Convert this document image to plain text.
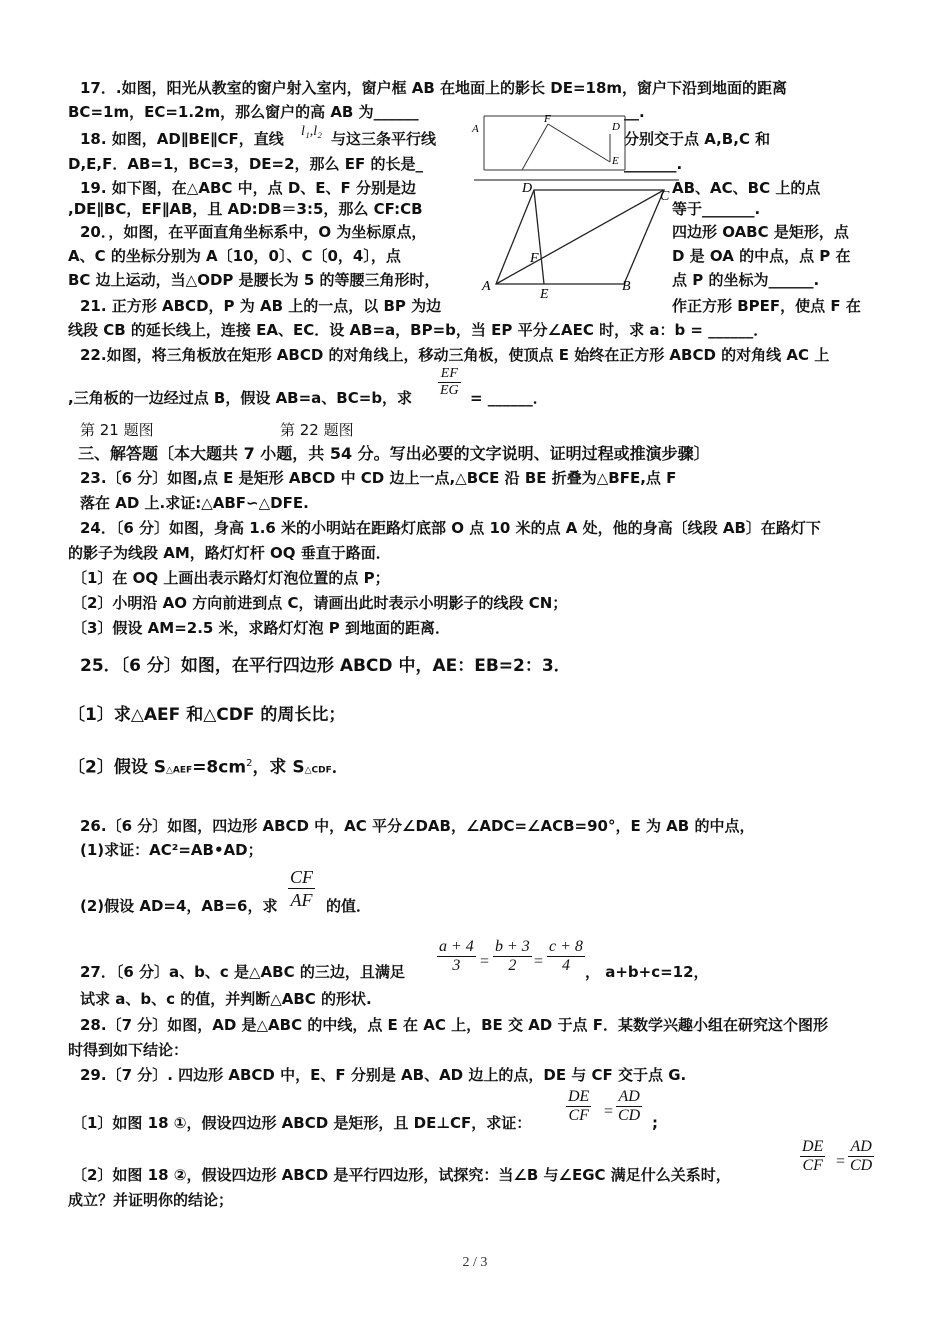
17．.如图，阳光从教室的窗户射入室内，窗户框 AB 在地面上的影长 DE=18m，窗户下沿到地面的距离
BC=1m，EC=1.2m，那么窗户的高 AB 为______	__.
18. 如图，AD∥BE∥CF，直线 l₁,l₂ 与这三条平行线	分别交于点 A,B,C 和
D,E,F．AB=1，BC=3，DE=2，那么 EF 的长是_	_______.
A
F
D
E
19. 如下图，在△ABC 中，点 D、E、F 分别是边	AB、AC、BC 上的点
,DE∥BC，EF∥AB，且 AD:DB＝3:5，那么 CF:CB	等于_______.
D
C
F
A
E
B
20．，如图，在平面直角坐标系中，O 为坐标原点，	四边形 OABC 是矩形，点
A、C 的坐标分别为 A〔10，0〕、C〔0，4〕，点	D 是 OA 的中点，点 P 在
BC 边上运动，当△ODP 是腰长为 5 的等腰三角形时，	点 P 的坐标为______.
21. 正方形 ABCD，P 为 AB 上的一点，以 BP 为边	作正方形 BPEF，使点 F 在
线段 CB 的延长线上，连接 EA、EC．设 AB=a，BP=b，当 EP 平分∠AEC 时，求 a：b = ______．
22.如图，将三角板放在矩形 ABCD 的对角线上，移动三角板，使顶点 E 始终在正方形 ABCD 的对角线 AC 上
,三角板的一边经过点 B，假设 AB=a、BC=b，求 $\frac{EF}{EG}$ = ______．
第 21 题图	第 22 题图
三、解答题〔本大题共 7 小题，共 54 分。写出必要的文字说明、证明过程或推演步骤〕
23.〔6 分〕如图,点 E 是矩形 ABCD 中 CD 边上一点,△BCE 沿 BE 折叠为△BFE,点 F
落在 AD 上.求证:△ABF∽△DFE.
24．〔6 分〕如图，身高 1.6 米的小明站在距路灯底部 O 点 10 米的点 A 处，他的身高〔线段 AB〕在路灯下
的影子为线段 AM，路灯灯杆 OQ 垂直于路面．
〔1〕在 OQ 上画出表示路灯灯泡位置的点 P；
〔2〕小明沿 AO 方向前进到点 C，请画出此时表示小明影子的线段 CN；
〔3〕假设 AM=2.5 米，求路灯灯泡 P 到地面的距离．
25．〔6 分〕如图，在平行四边形 ABCD 中，AE：EB=2：3．
〔1〕求△AEF 和△CDF 的周长比；
〔2〕假设 $S\triangle AEF=8cm^2$，求 S△CDF．
26.〔6 分〕如图，四边形 ABCD 中，AC 平分∠DAB，∠ADC=∠ACB=90°，E 为 AB 的中点，
(1)求证：AC²=AB•AD；
(2)假设 AD=4，AB=6，求 $\frac{CF}{AF}$ 的值．
27．〔6 分〕a、b、c 是△ABC 的三边，且满足 $\frac{a + 4}{3} = \frac{b + 3}{2} = \frac{c + 8}{4}$ ， a+b+c=12，
试求 a、b、c 的值，并判断△ABC 的形状.
28.〔7 分〕如图，AD 是△ABC 的中线，点 E 在 AC 上，BE 交 AD 于点 F．某数学兴趣小组在研究这个图形
时得到如下结论：
29.〔7 分〕. 四边形 ABCD 中，E、F 分别是 AB、AD 边上的点，DE 与 CF 交于点 G.
〔1〕如图 18 ①，假设四边形 ABCD 是矩形，且 DE⊥CF，求证： $\frac{DE}{CF} = \frac{AD}{CD}$ ;
〔2〕如图 18 ②，假设四边形 ABCD 是平行四边形，试探究：当∠B 与∠EGC 满足什么关系时，	$\frac{DE}{CF} = \frac{AD}{CD}$
成立？并证明你的结论；
2 / 3
